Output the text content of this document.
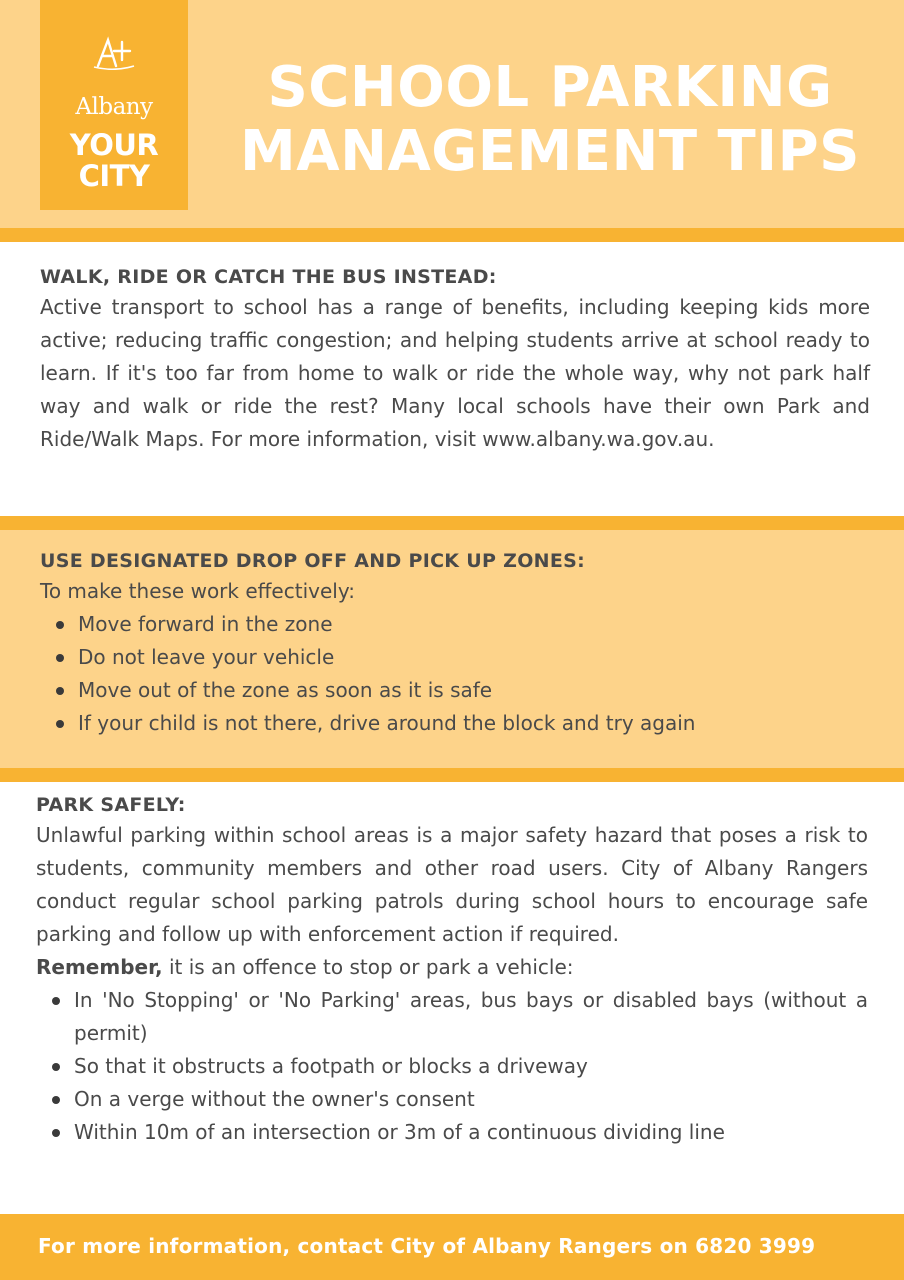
Albany
YOUR
CITY
SCHOOL PARKING
MANAGEMENT TIPS
WALK, RIDE OR CATCH THE BUS INSTEAD:
Active transport to school has a range of benefits, including keeping kids more active; reducing traffic congestion; and helping students arrive at school ready to learn. If it's too far from home to walk or ride the whole way, why not park half way and walk or ride the rest? Many local schools have their own Park and Ride/Walk Maps. For more information, visit www.albany.wa.gov.au.
USE DESIGNATED DROP OFF AND PICK UP ZONES:
To make these work effectively:
Move forward in the zone
Do not leave your vehicle
Move out of the zone as soon as it is safe
If your child is not there, drive around the block and try again
PARK SAFELY:
Unlawful parking within school areas is a major safety hazard that poses a risk to students, community members and other road users. City of Albany Rangers conduct regular school parking patrols during school hours to encourage safe parking and follow up with enforcement action if required.
Remember, it is an offence to stop or park a vehicle:
In 'No Stopping' or 'No Parking' areas, bus bays or disabled bays (without a permit)
So that it obstructs a footpath or blocks a driveway
On a verge without the owner's consent
Within 10m of an intersection or 3m of a continuous dividing line
For more information, contact City of Albany Rangers on 6820 3999
